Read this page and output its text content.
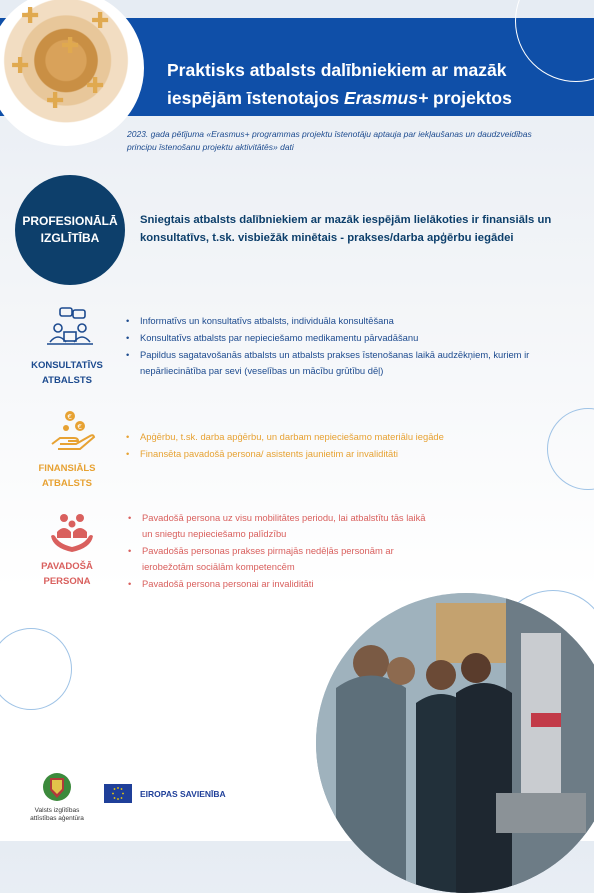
Praktisks atbalsts dalībniekiem ar mazāk
iespējām īstenotajos Erasmus+ projektos
✚
✚
✚
✚
✚
✚
2023. gada pētījuma «Erasmus+ programmas projektu īstenotāju aptauja par iekļaušanas un daudzveidības principu īstenošanu projektu aktivitātēs» dati
PROFESIONĀLĀ
IZGLĪTĪBA
Sniegtais atbalsts dalībniekiem ar mazāk iespējām lielākoties ir finansiāls un konsultatīvs, t.sk. visbiežāk minētais - prakses/darba apģērbu iegādei
KONSULTATĪVS
ATBALSTS
• Informatīvs un konsultatīvs atbalsts, individuāla konsultēšana
• Konsultatīvs atbalsts par nepieciešamo medikamentu pārvadāšanu
• Papildus sagatavošanās atbalsts un atbalsts prakses īstenošanas laikā audzēkņiem, kuriem ir nepārliecinātība par sevi (veselības un mācību grūtību dēļ)
€
€
FINANSIĀLS
ATBALSTS
• Apģērbu, t.sk. darba apģērbu, un darbam nepieciešamo materiālu iegāde
• Finansēta pavadošā persona/ asistents jaunietim ar invaliditāti
PAVADOŠĀ
PERSONA
• Pavadošā persona uz visu mobilitātes periodu, lai atbalstītu tās laikā un sniegtu nepieciešamo palīdzību
• Pavadošās personas prakses pirmajās nedēļās personām ar ierobežotām sociālām kompetencēm
• Pavadošā persona personai ar invaliditāti
Valsts izglītības
attīstības aģentūra
EIROPAS SAVIENĪBA
